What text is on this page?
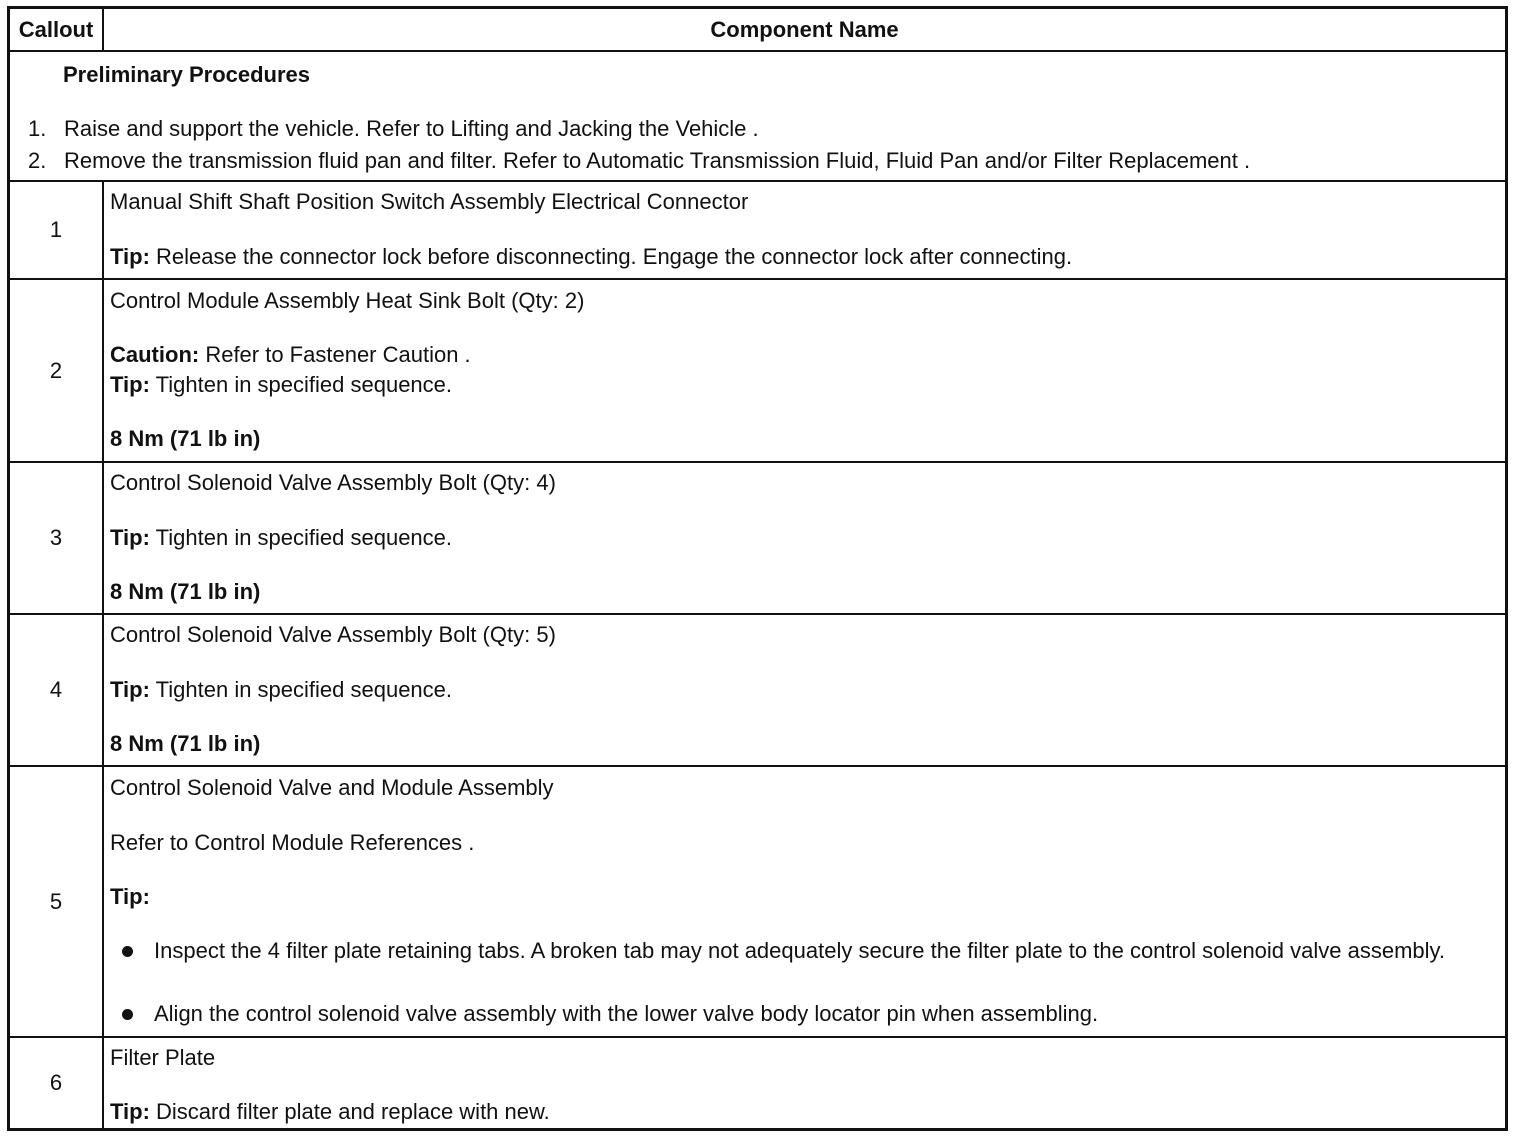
Callout	Component Name
Preliminary Procedures
1. Raise and support the vehicle. Refer to Lifting and Jacking the Vehicle .
2. Remove the transmission fluid pan and filter. Refer to Automatic Transmission Fluid, Fluid Pan and/or Filter Replacement .
1
Manual Shift Shaft Position Switch Assembly Electrical Connector
Tip: Release the connector lock before disconnecting. Engage the connector lock after connecting.
2
Control Module Assembly Heat Sink Bolt (Qty: 2)
Caution: Refer to Fastener Caution .
Tip: Tighten in specified sequence.
8 Nm (71 lb in)
3
Control Solenoid Valve Assembly Bolt (Qty: 4)
Tip: Tighten in specified sequence.
8 Nm (71 lb in)
4
Control Solenoid Valve Assembly Bolt (Qty: 5)
Tip: Tighten in specified sequence.
8 Nm (71 lb in)
5
Control Solenoid Valve and Module Assembly
Refer to Control Module References .
Tip:
Inspect the 4 filter plate retaining tabs. A broken tab may not adequately secure the filter plate to the control solenoid valve assembly.
Align the control solenoid valve assembly with the lower valve body locator pin when assembling.
6
Filter Plate
Tip: Discard filter plate and replace with new.
